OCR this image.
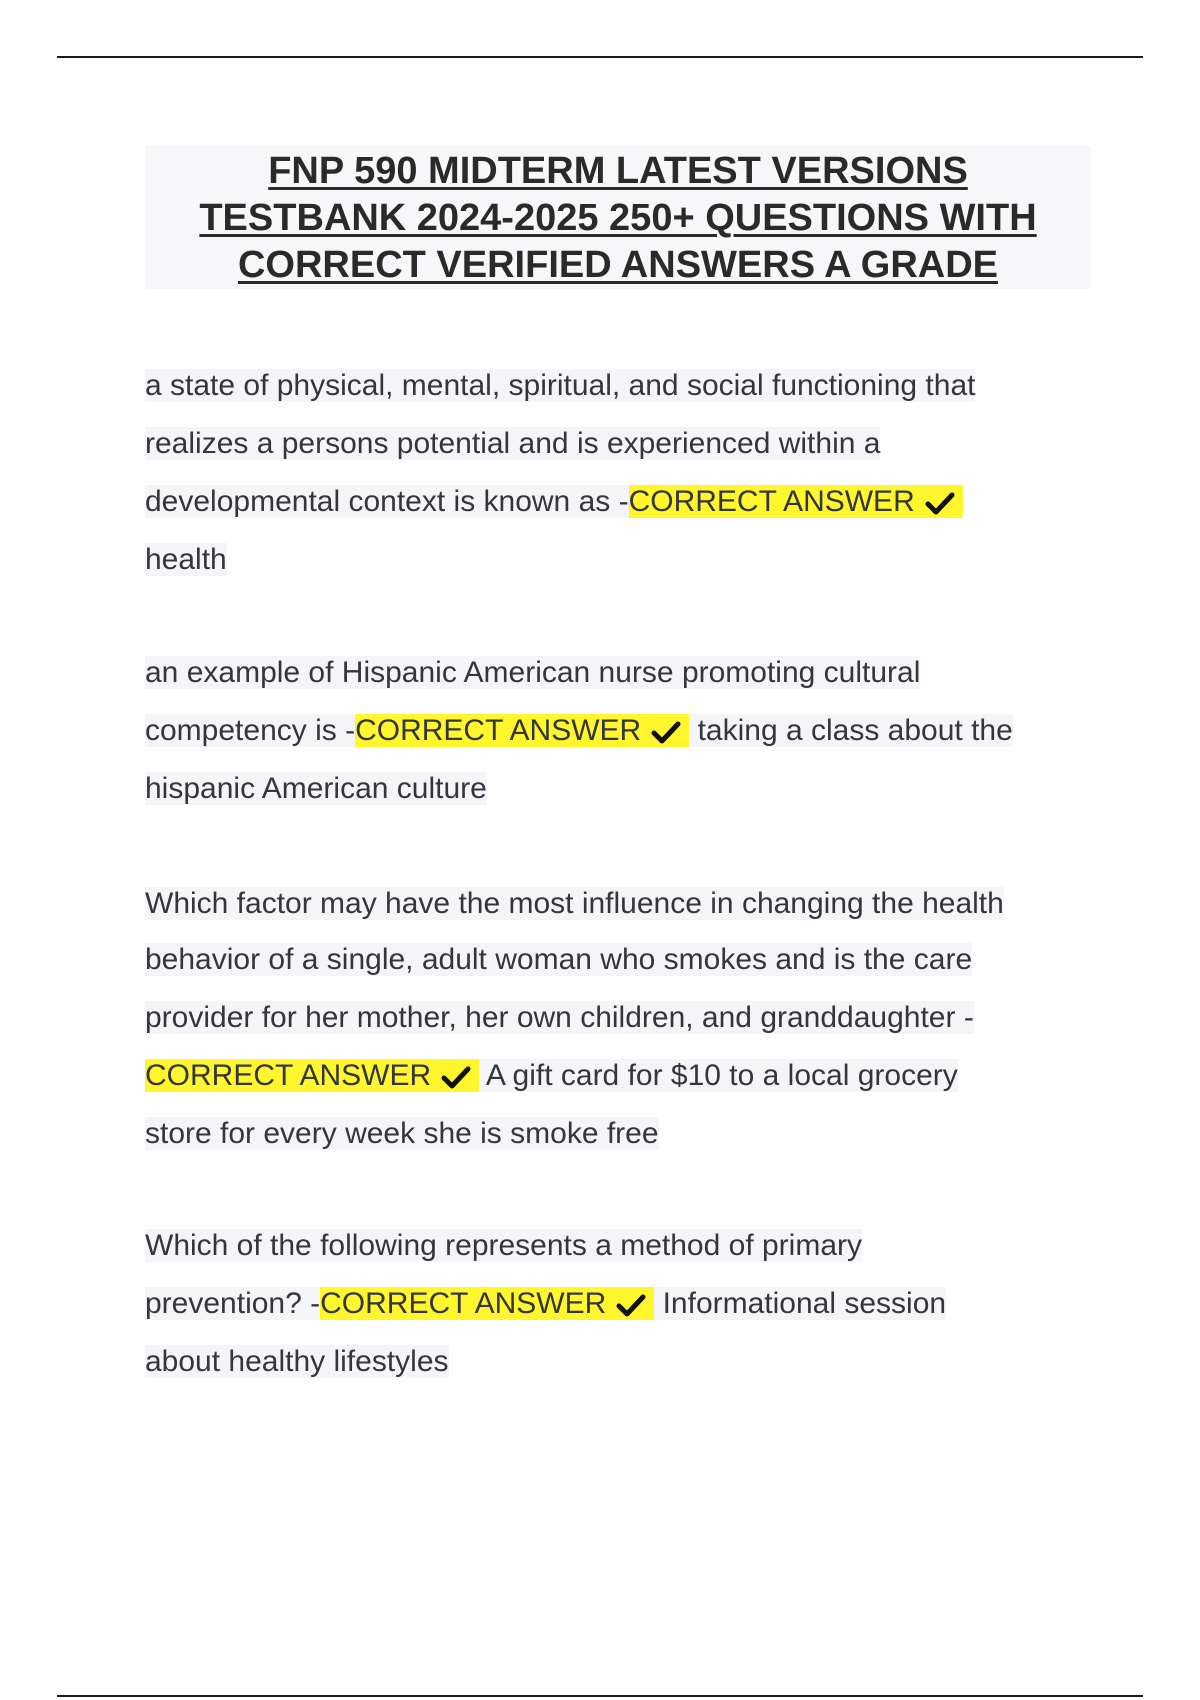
FNP 590 MIDTERM LATEST VERSIONS
TESTBANK 2024-2025 250+ QUESTIONS WITH
CORRECT VERIFIED ANSWERS A GRADE
a state of physical, mental, spiritual, and social functioning that
realizes a persons potential and is experienced within a
developmental context is known as -CORRECT ANSWER
health
an example of Hispanic American nurse promoting cultural
competency is -CORRECT ANSWER
taking a class about the
hispanic American culture
Which factor may have the most influence in changing the health
behavior of a single, adult woman who smokes and is the care
provider for her mother, her own children, and granddaughter -
CORRECT ANSWER
A gift card for $10 to a local grocery
store for every week she is smoke free
Which of the following represents a method of primary
prevention? -CORRECT ANSWER
Informational session
about healthy lifestyles
